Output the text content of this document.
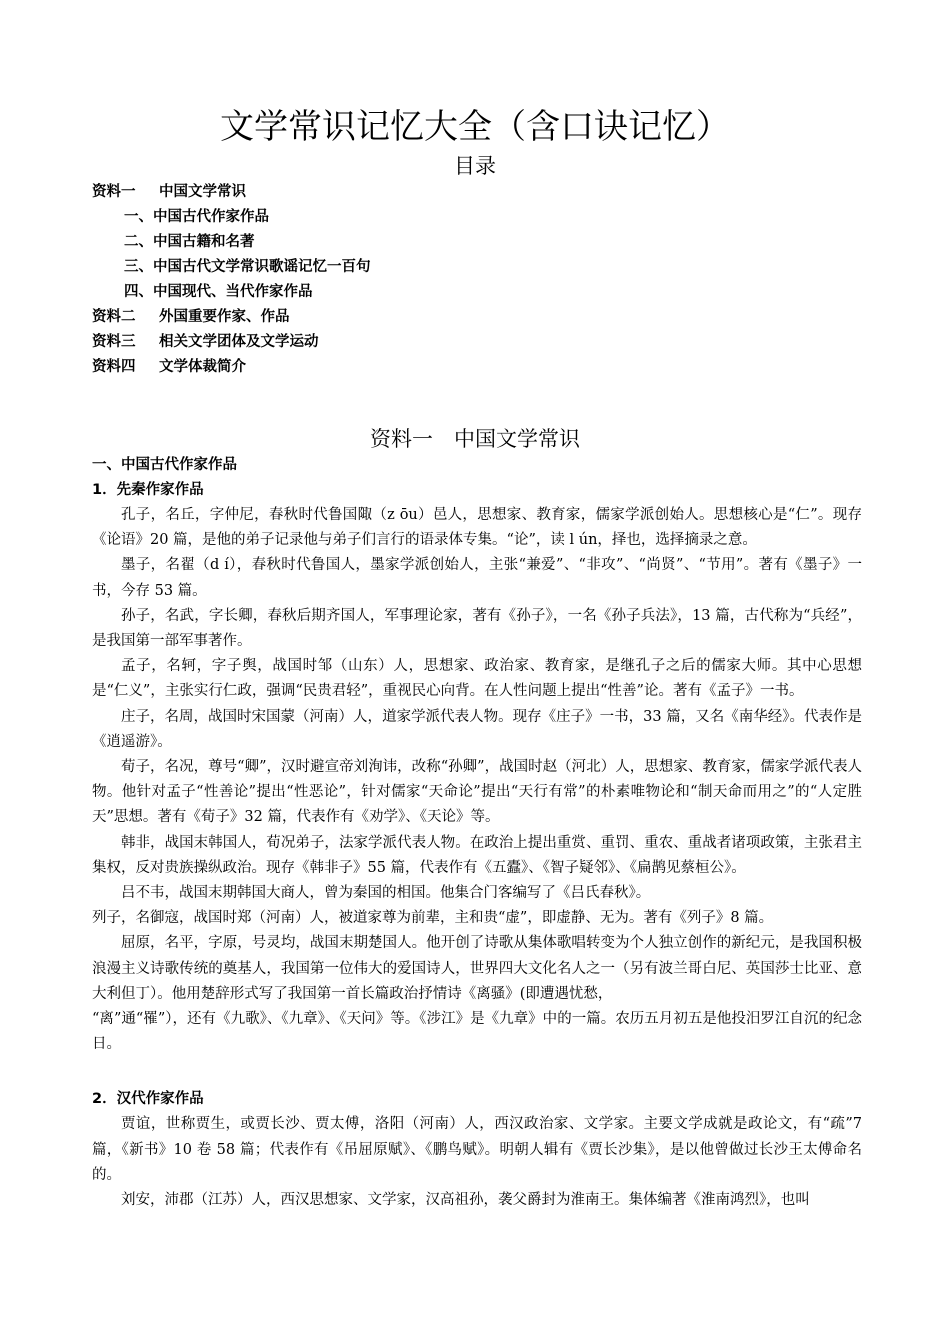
文学常识记忆大全（含口诀记忆）
目录
资料一 中国文学常识
一、中国古代作家作品
二、中国古籍和名著
三、中国古代文学常识歌谣记忆一百句
四、中国现代、当代作家作品
资料二 外国重要作家、作品
资料三 相关文学团体及文学运动
资料四 文学体裁简介
资料一　中国文学常识
一、中国古代作家作品
1．先秦作家作品

孔子，名丘，字仲尼，春秋时代鲁国陬（z ōu）邑人，思想家、教育家，儒家学派创始人。思想核心是“仁”。现存《论语》20 篇，是他的弟子记录他与弟子们言行的语录体专集。“论”，读 l ún，择也，选择摘录之意。

墨子，名翟（d í），春秋时代鲁国人，墨家学派创始人，主张“兼爱”、“非攻”、“尚贤”、“节用”。著有《墨子》一书，今存 53 篇。

孙子，名武，字长卿，春秋后期齐国人，军事理论家，著有《孙子》，一名《孙子兵法》，13 篇，古代称为“兵经”， 是我国第一部军事著作。

孟子，名轲，字子舆，战国时邹（山东）人，思想家、政治家、教育家，是继孔子之后的儒家大师。其中心思想是“仁义”，主张实行仁政，强调“民贵君轻”，重视民心向背。在人性问题上提出“性善”论。著有《孟子》一书。

庄子，名周，战国时宋国蒙（河南）人，道家学派代表人物。现存《庄子》一书，33 篇，又名《南华经》。代表作是《逍遥游》。

荀子，名况，尊号“卿”，汉时避宣帝刘洵讳，改称“孙卿”，战国时赵（河北）人，思想家、教育家，儒家学派代表人物。他针对孟子“性善论”提出“性恶论”，针对儒家“天命论”提出“天行有常”的朴素唯物论和“制天命而用之”的“人定胜天”思想。著有《荀子》32 篇，代表作有《劝学》、《天论》等。

韩非，战国末韩国人，荀况弟子，法家学派代表人物。在政治上提出重赏、重罚、重农、重战者诸项政策，主张君主集权，反对贵族操纵政治。现存《韩非子》55 篇，代表作有《五蠹》、《智子疑邻》、《扁鹊见蔡桓公》。

吕不韦，战国末期韩国大商人，曾为秦国的相国。他集合门客编写了《吕氏春秋》。

列子，名御寇，战国时郑（河南）人，被道家尊为前辈，主和贵“虚”，即虚静、无为。著有《列子》8 篇。

屈原，名平，字原，号灵均，战国末期楚国人。他开创了诗歌从集体歌唱转变为个人独立创作的新纪元，是我国积极浪漫主义诗歌传统的奠基人，我国第一位伟大的爱国诗人，世界四大文化名人之一（另有波兰哥白尼、英国莎士比亚、意大利但丁）。他用楚辞形式写了我国第一首长篇政治抒情诗《离骚》(即遭遇忧愁，

“离”通“罹”），还有《九歌》、《九章》、《天问》等。《涉江》是《九章》中的一篇。农历五月初五是他投汨罗江自沉的纪念日。

2．汉代作家作品

贾谊，世称贾生，或贾长沙、贾太傅，洛阳（河南）人，西汉政治家、文学家。主要文学成就是政论文，有“疏”7 篇，《新书》10 卷 58 篇；代表作有《吊屈原赋》、《鹏鸟赋》。明朝人辑有《贾长沙集》，是以他曾做过长沙王太傅命名的。

刘安，沛郡（江苏）人，西汉思想家、文学家，汉高祖孙，袭父爵封为淮南王。集体编著《淮南鸿烈》，也叫
